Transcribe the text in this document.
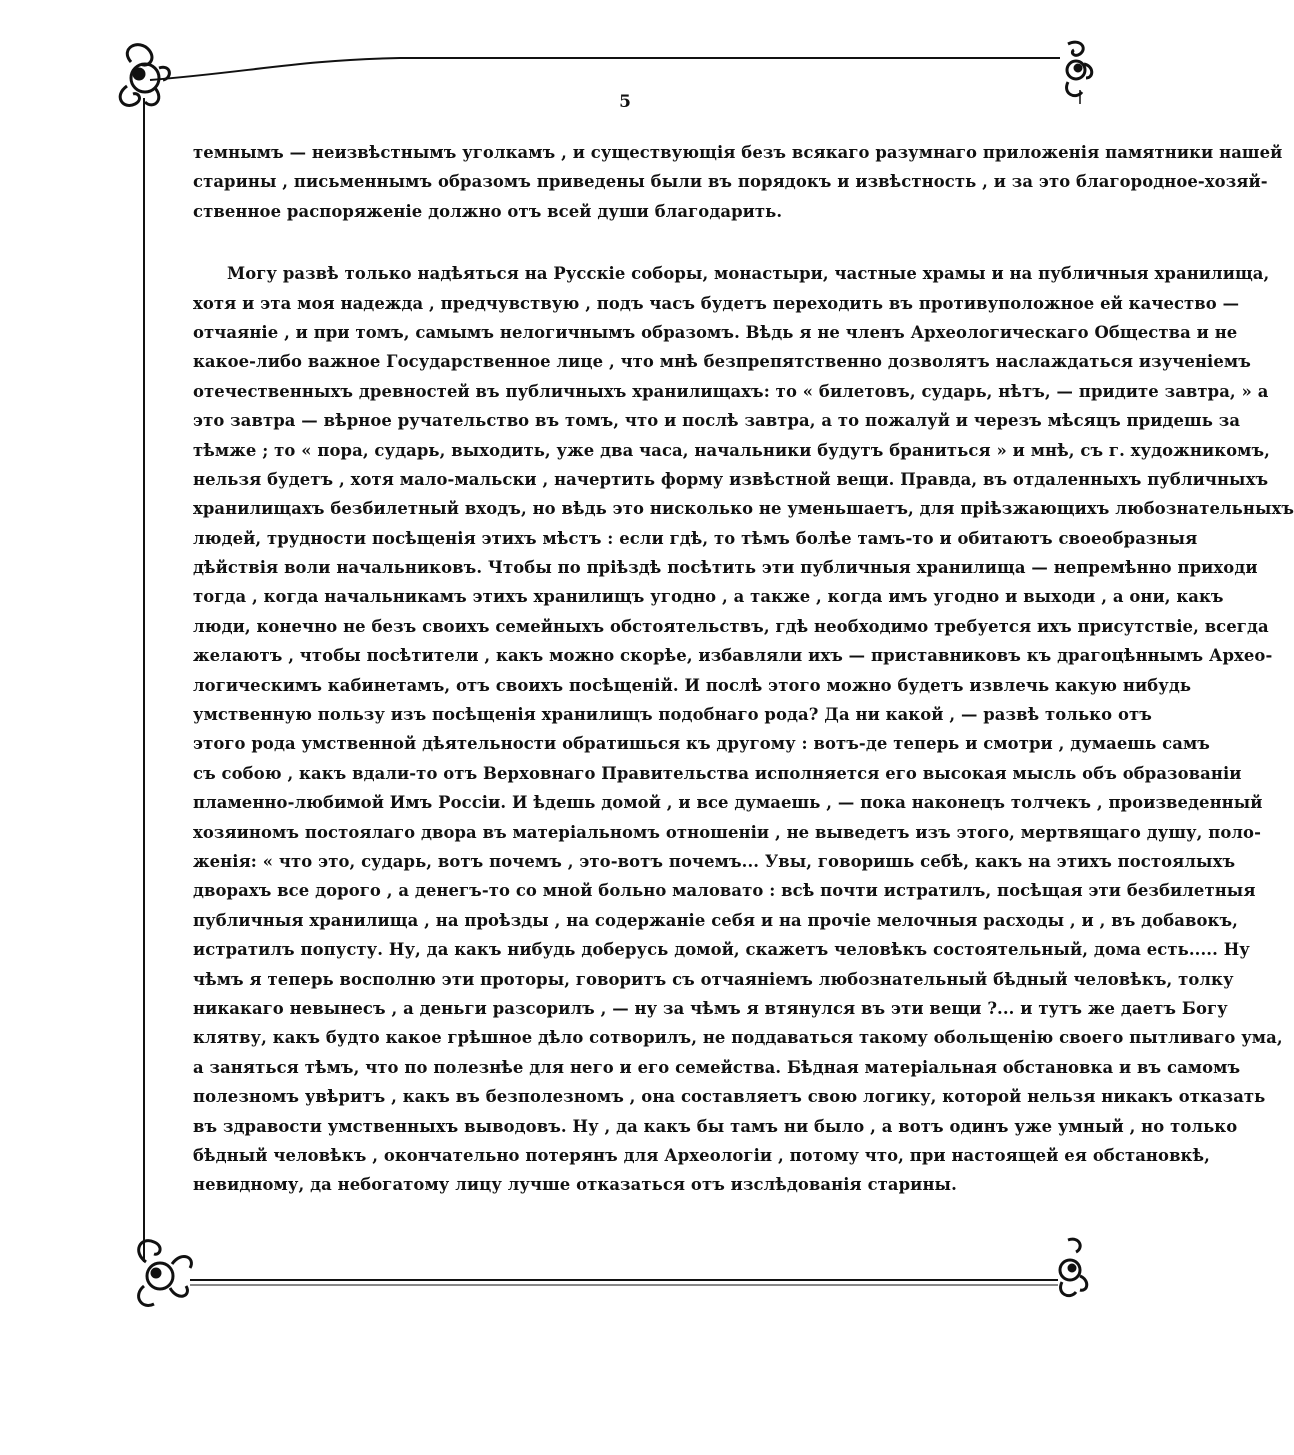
5
темнымъ — неизвѣстнымъ уголкамъ , и существующія безъ всякаго разумнаго приложенія памятники нашей
старины , письменнымъ образомъ приведены были въ порядокъ и извѣстность , и за это благородное-хозяй-
ственное распоряженіе должно отъ всей души благодарить.
Могу развѣ только надѣяться на Русскіе соборы, монастыри, частные храмы и на публичныя хранилища,
хотя и эта моя надежда , предчувствую , подъ часъ будетъ переходить въ противуположное ей качество —
отчаяніе , и при томъ, самымъ нелогичнымъ образомъ. Вѣдь я не членъ Археологическаго Общества и не
какое-либо важное Государственное лице , что мнѣ безпрепятственно дозволятъ наслаждаться изученіемъ
отечественныхъ древностей въ публичныхъ хранилищахъ: то « билетовъ, сударь, нѣтъ, — придите завтра, » а
это завтра — вѣрное ручательство въ томъ, что и послѣ завтра, а то пожалуй и черезъ мѣсяцъ придешь за
тѣмже ; то « пора, сударь, выходить, уже два часа, начальники будутъ браниться » и мнѣ, съ г. художникомъ,
нельзя будетъ , хотя мало-мальски , начертить форму извѣстной вещи. Правда, въ отдаленныхъ публичныхъ
хранилищахъ безбилетный входъ, но вѣдь это нисколько не уменьшаетъ, для пріѣзжающихъ любознательныхъ
людей, трудности посѣщенія этихъ мѣстъ : если гдѣ, то тѣмъ болѣе тамъ-то и обитаютъ своеобразныя
дѣйствія воли начальниковъ. Чтобы по пріѣздѣ посѣтить эти публичныя хранилища — непремѣнно приходи
тогда , когда начальникамъ этихъ хранилищъ угодно , а также , когда имъ угодно и выходи , а они, какъ
люди, конечно не безъ своихъ семейныхъ обстоятельствъ, гдѣ необходимо требуется ихъ присутствіе, всегда
желаютъ , чтобы посѣтители , какъ можно скорѣе, избавляли ихъ — приставниковъ къ драгоцѣннымъ Архео-
логическимъ кабинетамъ, отъ своихъ посѣщеній. И послѣ этого можно будетъ извлечь какую нибудь
умственную пользу изъ посѣщенія хранилищъ подобнаго рода? Да ни какой , — развѣ только отъ
этого рода умственной дѣятельности обратишься къ другому : вотъ-де теперь и смотри , думаешь самъ
съ собою , какъ вдали-то отъ Верховнаго Правительства исполняется его высокая мысль объ образованіи
пламенно-любимой Имъ Россіи. И ѣдешь домой , и все думаешь , — пока наконецъ толчекъ , произведенный
хозяиномъ постоялаго двора въ матеріальномъ отношеніи , не выведетъ изъ этого, мертвящаго душу, поло-
женія: « что это, сударь, вотъ почемъ , это-вотъ почемъ... Увы, говоришь себѣ, какъ на этихъ постоялыхъ
дворахъ все дорого , а денегъ-то со мной больно маловато : всѣ почти истратилъ, посѣщая эти безбилетныя
публичныя хранилища , на проѣзды , на содержаніе себя и на прочіе мелочныя расходы , и , въ добавокъ,
истратилъ попусту. Ну, да какъ нибудь доберусь домой, скажетъ человѣкъ состоятельный, дома есть..... Ну
чѣмъ я теперь восполню эти проторы, говоритъ съ отчаяніемъ любознательный бѣдный человѣкъ, толку
никакаго невынесъ , а деньги разсорилъ , — ну за чѣмъ я втянулся въ эти вещи ?... и тутъ же даетъ Богу
клятву, какъ будто какое грѣшное дѣло сотворилъ, не поддаваться такому обольщенію своего пытливаго ума,
а заняться тѣмъ, что по полезнѣе для него и его семейства. Бѣдная матеріальная обстановка и въ самомъ
полезномъ увѣритъ , какъ въ безполезномъ , она составляетъ свою логику, которой нельзя никакъ отказать
въ здравости умственныхъ выводовъ. Ну , да какъ бы тамъ ни было , а вотъ одинъ уже умный , но только
бѣдный человѣкъ , окончательно потерянъ для Археологіи , потому что, при настоящей ея обстановкѣ,
невидному, да небогатому лицу лучше отказаться отъ изслѣдованія старины.
